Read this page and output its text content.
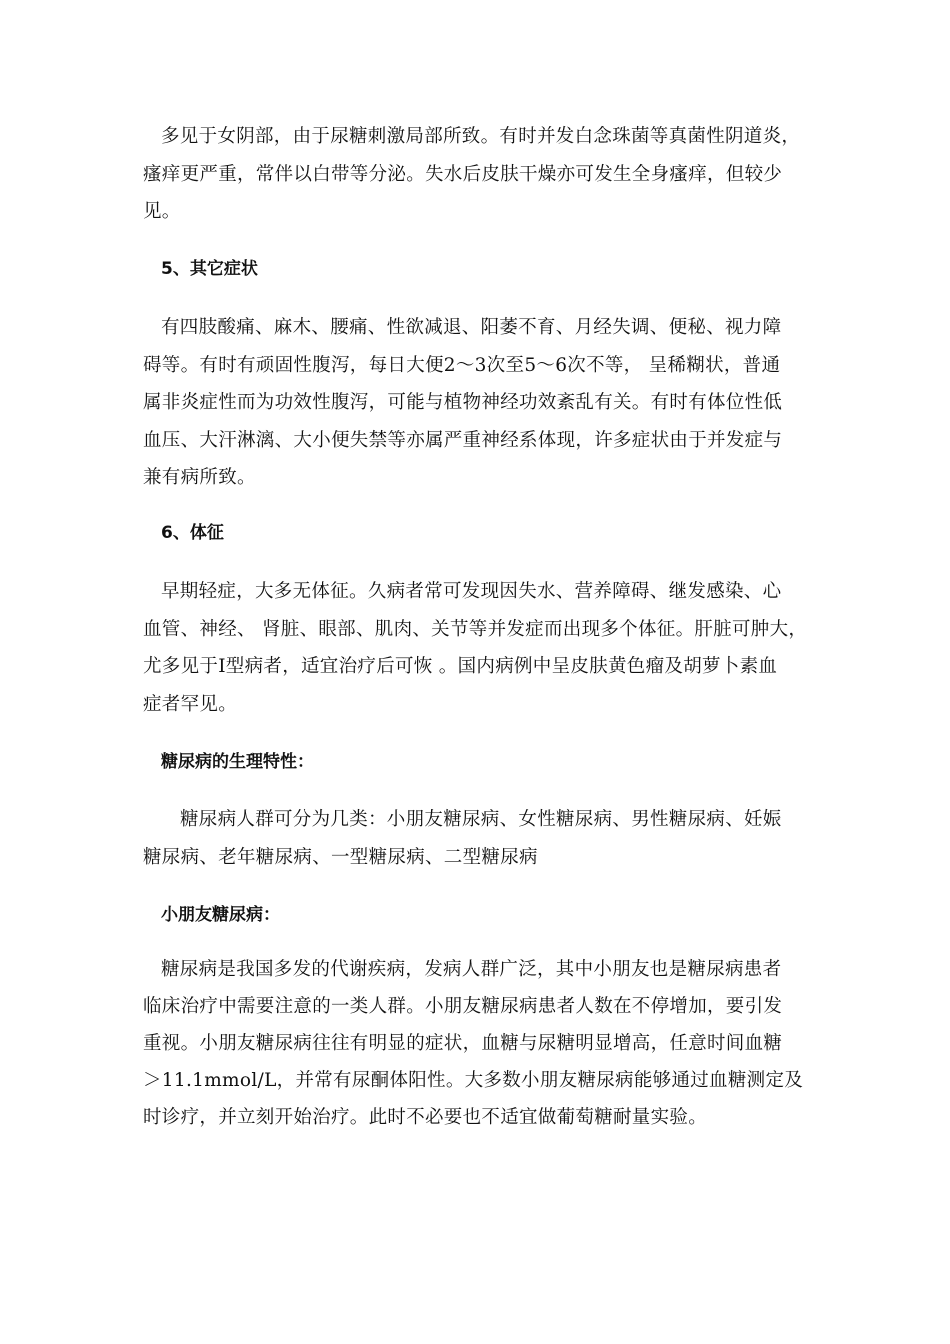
多见于女阴部，由于尿糖刺激局部所致。有时并发白念珠菌等真菌性阴道炎，
瘙痒更严重，常伴以白带等分泌。失水后皮肤干燥亦可发生全身瘙痒，但较少
见。
5、其它症状
有四肢酸痛、麻木、腰痛、性欲减退、阳萎不育、月经失调、便秘、视力障
碍等。有时有顽固性腹泻，每日大便2～3次至5～6次不等， 呈稀糊状，普通
属非炎症性而为功效性腹泻，可能与植物神经功效紊乱有关。有时有体位性低
血压、大汗淋漓、大小便失禁等亦属严重神经系体现，许多症状由于并发症与
兼有病所致。
6、体征
早期轻症，大多无体征。久病者常可发现因失水、营养障碍、继发感染、心
血管、神经、 肾脏、眼部、肌肉、关节等并发症而出现多个体征。肝脏可肿大，
尤多见于Ⅰ型病者，适宜治疗后可恢 。国内病例中呈皮肤黄色瘤及胡萝卜素血
症者罕见。
糖尿病的生理特性：
糖尿病人群可分为几类：小朋友糖尿病、女性糖尿病、男性糖尿病、妊娠
糖尿病、老年糖尿病、一型糖尿病、二型糖尿病
小朋友糖尿病：
糖尿病是我国多发的代谢疾病，发病人群广泛，其中小朋友也是糖尿病患者
临床治疗中需要注意的一类人群。小朋友糖尿病患者人数在不停增加，要引发
重视。小朋友糖尿病往往有明显的症状，血糖与尿糖明显增高，任意时间血糖
＞11.1mmol/L，并常有尿酮体阳性。大多数小朋友糖尿病能够通过血糖测定及
时诊疗，并立刻开始治疗。此时不必要也不适宜做葡萄糖耐量实验。
